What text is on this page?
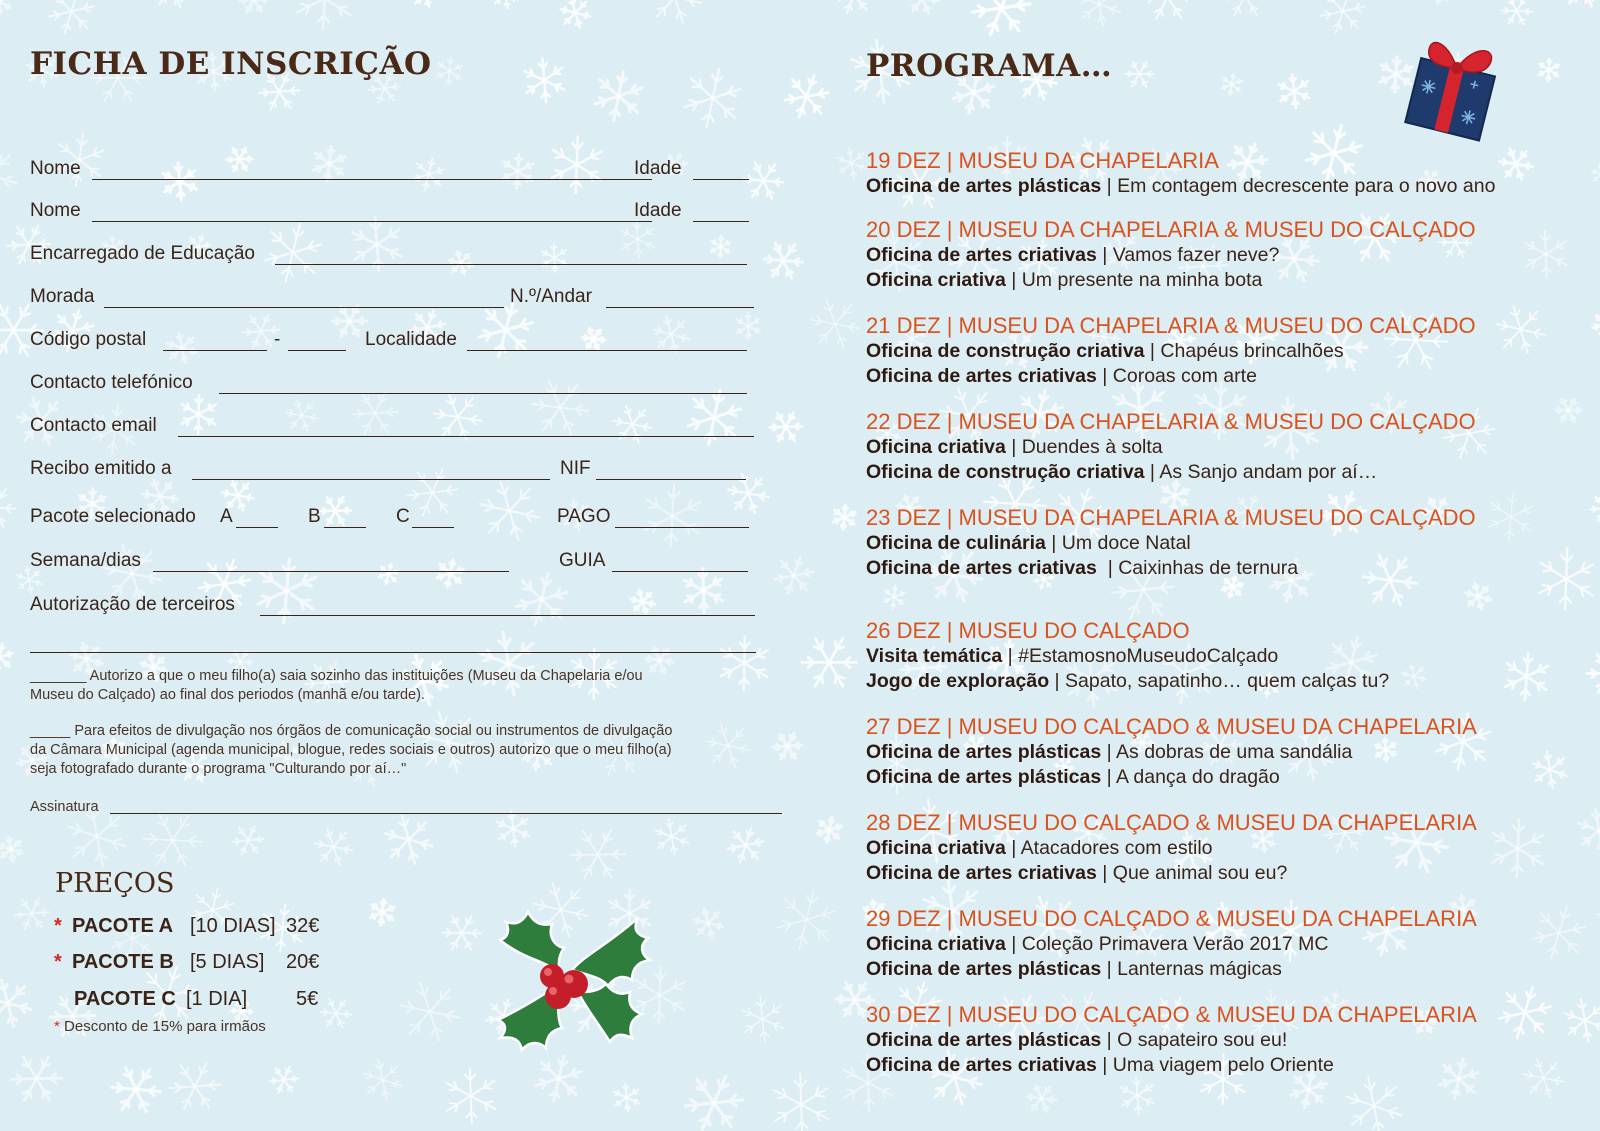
FICHA DE INSCRIÇÃO
Nome	Idade
Nome	Idade
Encarregado de Educação
Morada	N.º/Andar
Código postal	-	Localidade
Contacto telefónico
Contacto email
Recibo emitido a	NIF
Pacote selecionado A	B	C	PAGO
Semana/dias	GUIA
Autorização de terceiros
_______ Autorizo a que o meu filho(a) saia sozinho das instituições (Museu da Chapelaria e/ou
Museu do Calçado) ao final dos periodos (manhã e/ou tarde).
_____ Para efeitos de divulgação nos órgãos de comunicação social ou instrumentos de divulgação
da Câmara Municipal (agenda municipal, blogue, redes sociais e outros) autorizo que o meu filho(a)
seja fotografado durante o programa "Culturando por aí…"
Assinatura
PREÇOS
* PACOTE A [10 DIAS] 32€
* PACOTE B [5 DIAS] 20€
PACOTE C [1 DIA] 5€
* Desconto de 15% para irmãos
PROGRAMA…
19 DEZ | MUSEU DA CHAPELARIA
Oficina de artes plásticas | Em contagem decrescente para o novo ano
20 DEZ | MUSEU DA CHAPELARIA & MUSEU DO CALÇADO
Oficina de artes criativas | Vamos fazer neve?
Oficina criativa | Um presente na minha bota
21 DEZ | MUSEU DA CHAPELARIA & MUSEU DO CALÇADO
Oficina de construção criativa | Chapéus brincalhões
Oficina de artes criativas | Coroas com arte
22 DEZ | MUSEU DA CHAPELARIA & MUSEU DO CALÇADO
Oficina criativa | Duendes à solta
Oficina de construção criativa | As Sanjo andam por aí…
23 DEZ | MUSEU DA CHAPELARIA & MUSEU DO CALÇADO
Oficina de culinária | Um doce Natal
Oficina de artes criativas  | Caixinhas de ternura
26 DEZ | MUSEU DO CALÇADO
Visita temática | #EstamosnoMuseudoCalçado
Jogo de exploração | Sapato, sapatinho… quem calças tu?
27 DEZ | MUSEU DO CALÇADO & MUSEU DA CHAPELARIA
Oficina de artes plásticas | As dobras de uma sandália
Oficina de artes plásticas | A dança do dragão
28 DEZ | MUSEU DO CALÇADO & MUSEU DA CHAPELARIA
Oficina criativa | Atacadores com estilo
Oficina de artes criativas | Que animal sou eu?
29 DEZ | MUSEU DO CALÇADO & MUSEU DA CHAPELARIA
Oficina criativa | Coleção Primavera Verão 2017 MC
Oficina de artes plásticas | Lanternas mágicas
30 DEZ | MUSEU DO CALÇADO & MUSEU DA CHAPELARIA
Oficina de artes plásticas | O sapateiro sou eu!
Oficina de artes criativas | Uma viagem pelo Oriente
